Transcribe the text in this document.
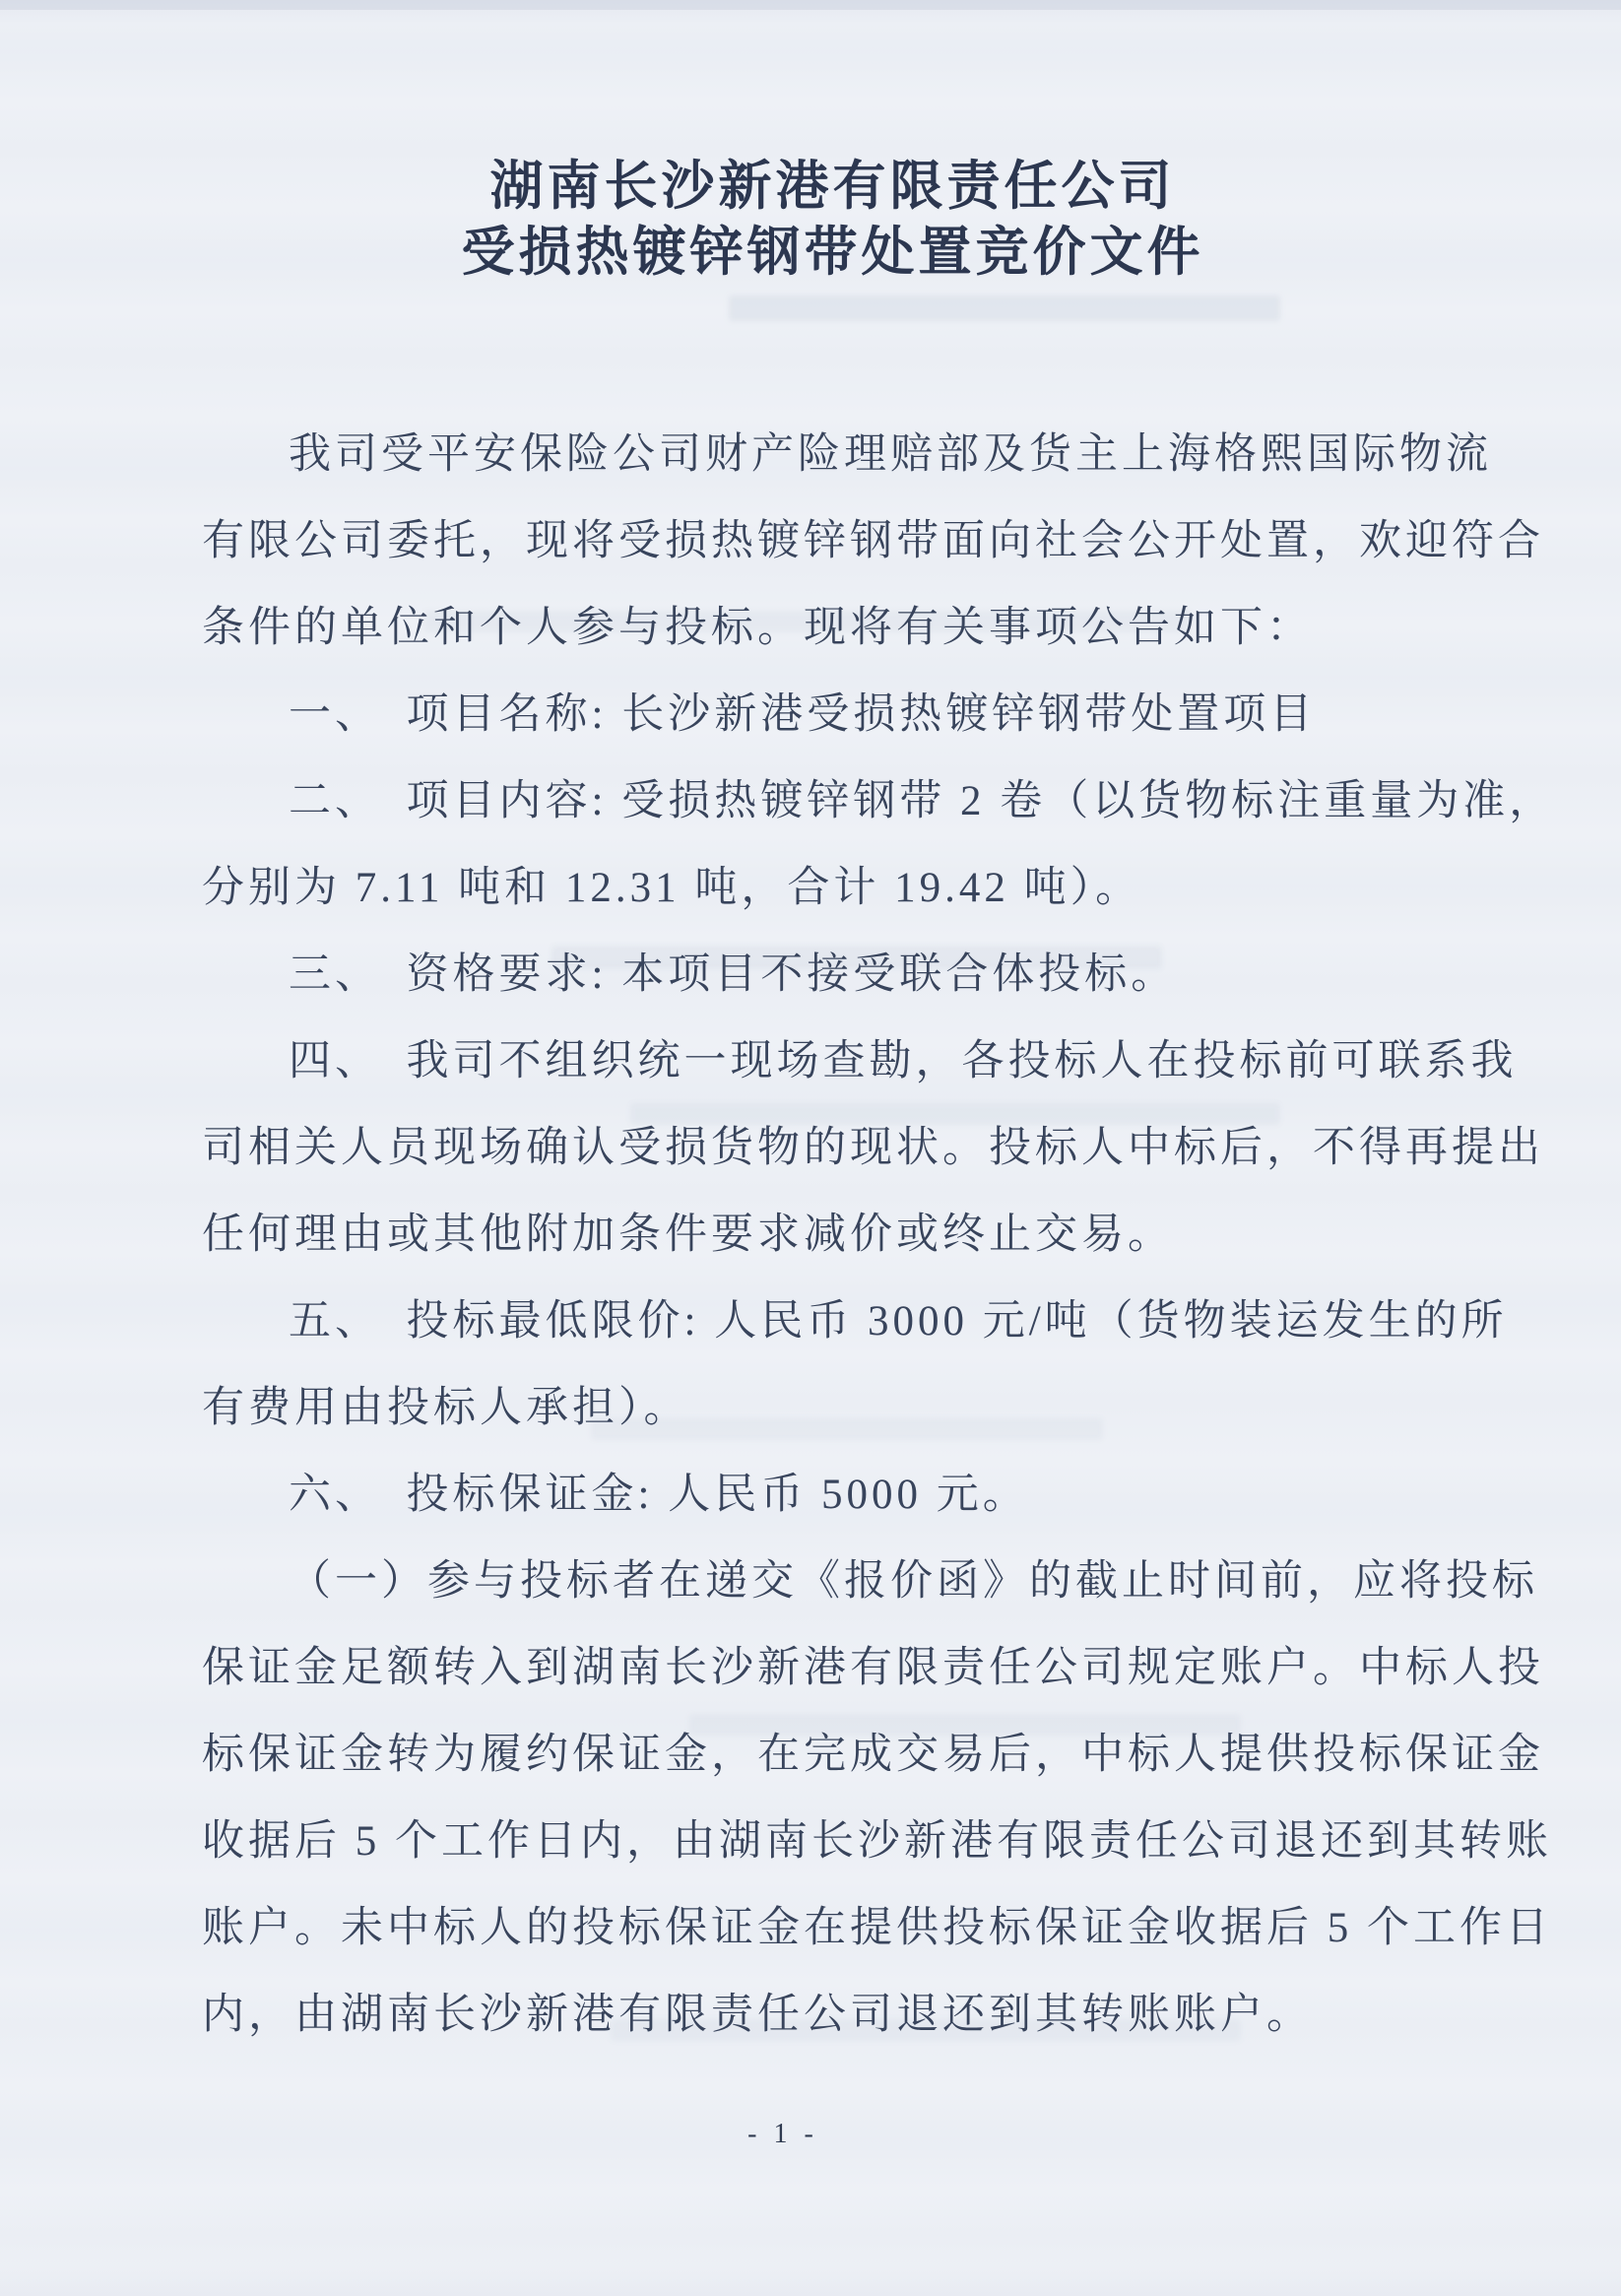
湖南长沙新港有限责任公司
受损热镀锌钢带处置竞价文件

我司受平安保险公司财产险理赔部及货主上海格熙国际物流

有限公司委托，现将受损热镀锌钢带面向社会公开处置，欢迎符合

条件的单位和个人参与投标。现将有关事项公告如下：

一、　项目名称: 长沙新港受损热镀锌钢带处置项目

二、　项目内容: 受损热镀锌钢带 2 卷（以货物标注重量为准，

分别为 7.11 吨和 12.31 吨，合计 19.42 吨）。

三、　资格要求: 本项目不接受联合体投标。

四、　我司不组织统一现场查勘，各投标人在投标前可联系我

司相关人员现场确认受损货物的现状。投标人中标后，不得再提出

任何理由或其他附加条件要求减价或终止交易。

五、　投标最低限价: 人民币 3000 元/吨（货物装运发生的所

有费用由投标人承担）。

六、　投标保证金: 人民币 5000 元。

（一）参与投标者在递交《报价函》的截止时间前，应将投标

保证金足额转入到湖南长沙新港有限责任公司规定账户。中标人投

标保证金转为履约保证金，在完成交易后，中标人提供投标保证金

收据后 5 个工作日内，由湖南长沙新港有限责任公司退还到其转账

账户。未中标人的投标保证金在提供投标保证金收据后 5 个工作日

内，由湖南长沙新港有限责任公司退还到其转账账户。

- 1 -
